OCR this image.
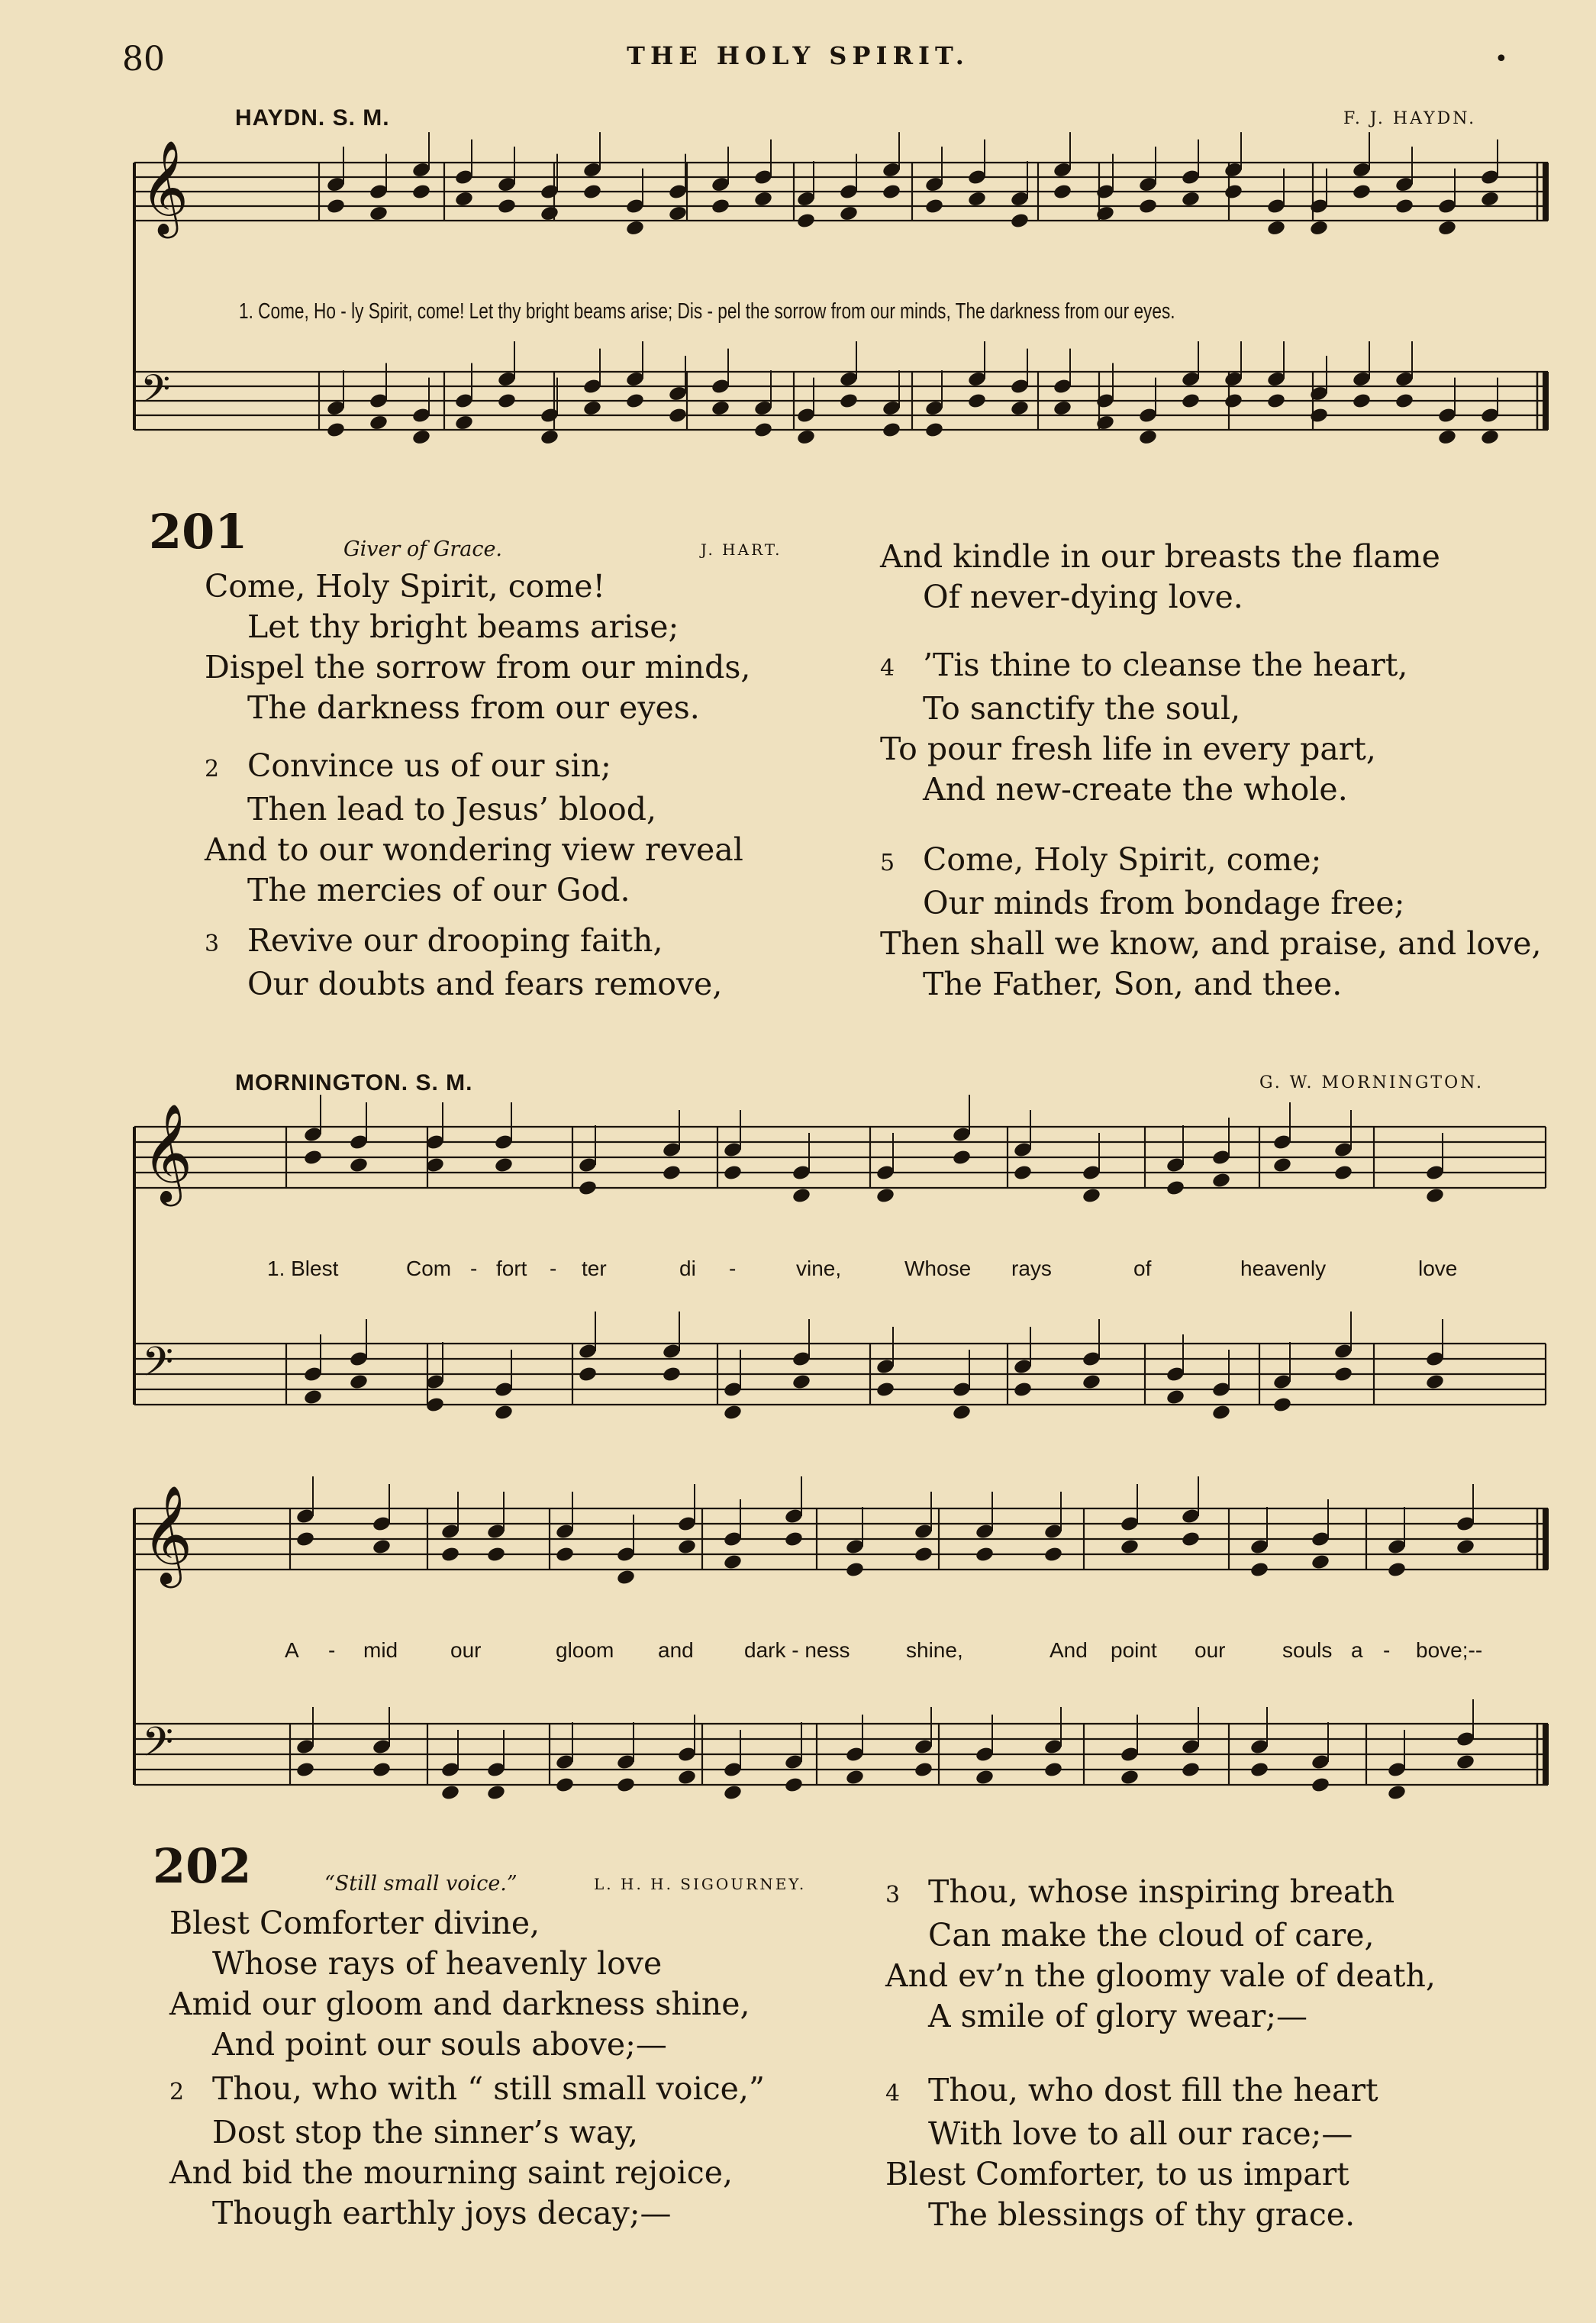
80	THE HOLY SPIRIT.	•
HAYDN. S. M.	F. J. HAYDN.
𝄞
𝄢
𝄞
𝄢
𝄞
𝄢
1. Come, Ho - ly Spirit, come! Let thy bright beams arise; Dis - pel the sorrow from our minds, The darkness from our eyes.
201	Giver of Grace.	J. HART.
Come, Holy Spirit, come!
Let thy bright beams arise;
Dispel the sorrow from our minds,
The darkness from our eyes.
2 Convince us of our sin;
Then lead to Jesus’ blood,
And to our wondering view reveal
The mercies of our God.
3 Revive our drooping faith,
Our doubts and fears remove,
And kindle in our breasts the flame
Of never-dying love.
4 ’Tis thine to cleanse the heart,
To sanctify the soul,
To pour fresh life in every part,
And new-create the whole.
5 Come, Holy Spirit, come;
Our minds from bondage free;
Then shall we know, and praise, and love,
The Father, Son, and thee.
MORNINGTON. S. M.	G. W. MORNINGTON.
1. Blest	Com - fort - ter	di -	vine,	Whose rays	of	heavenly	love
A - mid our	gloom and dark - ness	shine,	And point our	souls a - bove;--
202	“Still small voice.”	L. H. H. SIGOURNEY.
Blest Comforter divine,
Whose rays of heavenly love
Amid our gloom and darkness shine,
And point our souls above;—
2 Thou, who with “ still small voice,”
Dost stop the sinner’s way,
And bid the mourning saint rejoice,
Though earthly joys decay;—
3 Thou, whose inspiring breath
Can make the cloud of care,
And ev’n the gloomy vale of death,
A smile of glory wear;—
4 Thou, who dost fill the heart
With love to all our race;—
Blest Comforter, to us impart
The blessings of thy grace.
